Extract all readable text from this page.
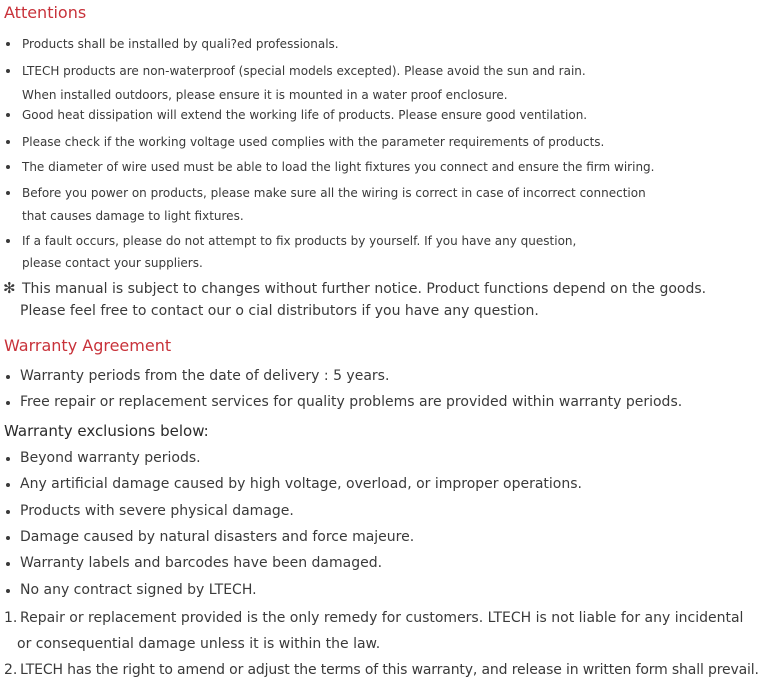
Attentions
Products shall be installed by quali?ed professionals.
LTECH products are non-waterproof (special models excepted). Please avoid the sun and rain.
When installed outdoors, please ensure it is mounted in a water proof enclosure.
Good heat dissipation will extend the working life of products. Please ensure good ventilation.
Please check if the working voltage used complies with the parameter requirements of products.
The diameter of wire used must be able to load the light fixtures you connect and ensure the firm wiring.
Before you power on products, please make sure all the wiring is correct in case of incorrect connection
that causes damage to light fixtures.
If a fault occurs, please do not attempt to fix products by yourself. If you have any question,
please contact your suppliers.
✻ This manual is subject to changes without further notice. Product functions depend on the goods.
Please feel free to contact our o cial distributors if you have any question.
Warranty Agreement
Warranty periods from the date of delivery : 5 years.
Free repair or replacement services for quality problems are provided within warranty periods.
Warranty exclusions below:
Beyond warranty periods.
Any artificial damage caused by high voltage, overload, or improper operations.
Products with severe physical damage.
Damage caused by natural disasters and force majeure.
Warranty labels and barcodes have been damaged.
No any contract signed by LTECH.
1. Repair or replacement provided is the only remedy for customers. LTECH is not liable for any incidental
or consequential damage unless it is within the law.
2. LTECH has the right to amend or adjust the terms of this warranty, and release in written form shall prevail.
